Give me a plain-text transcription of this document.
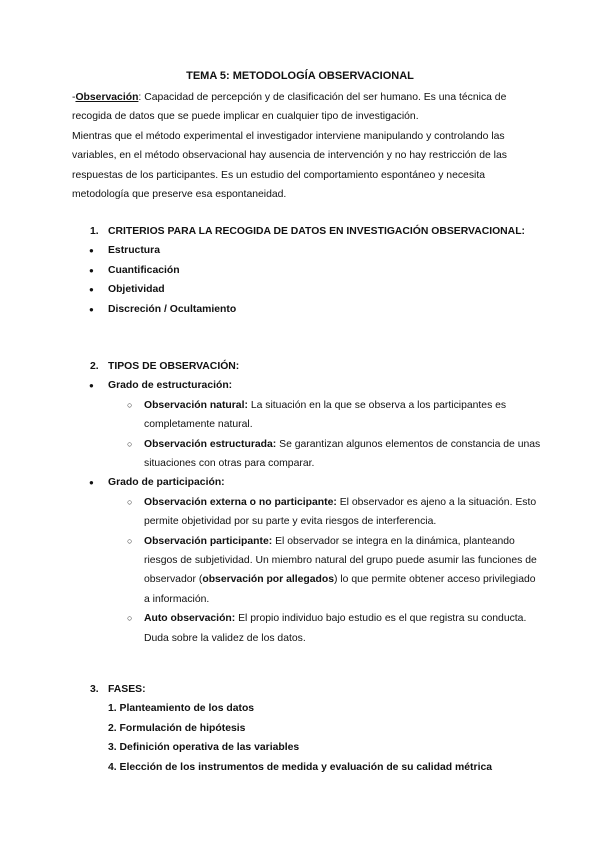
TEMA 5: METODOLOGÍA OBSERVACIONAL

-Observación: Capacidad de percepción y de clasificación del ser humano. Es una técnica de recogida de datos que se puede implicar en cualquier tipo de investigación.

Mientras que el método experimental el investigador interviene manipulando y controlando las variables, en el método observacional hay ausencia de intervención y no hay restricción de las respuestas de los participantes. Es un estudio del comportamiento espontáneo y necesita metodología que preserve esa espontaneidad.

1. CRITERIOS PARA LA RECOGIDA DE DATOS EN INVESTIGACIÓN OBSERVACIONAL:
● Estructura
● Cuantificación
● Objetividad
● Discreción / Ocultamiento
2. TIPOS DE OBSERVACIÓN:
● Grado de estructuración:
○ Observación natural: La situación en la que se observa a los participantes es completamente natural.
○ Observación estructurada: Se garantizan algunos elementos de constancia de unas situaciones con otras para comparar.
● Grado de participación:
○ Observación externa o no participante: El observador es ajeno a la situación. Esto permite objetividad por su parte y evita riesgos de interferencia.
○ Observación participante: El observador se integra en la dinámica, planteando riesgos de subjetividad. Un miembro natural del grupo puede asumir las funciones de observador (observación por allegados) lo que permite obtener acceso privilegiado a información.
○ Auto observación: El propio individuo bajo estudio es el que registra su conducta. Duda sobre la validez de los datos.
3. FASES:
1. Planteamiento de los datos
2. Formulación de hipótesis
3. Definición operativa de las variables
4. Elección de los instrumentos de medida y evaluación de su calidad métrica
